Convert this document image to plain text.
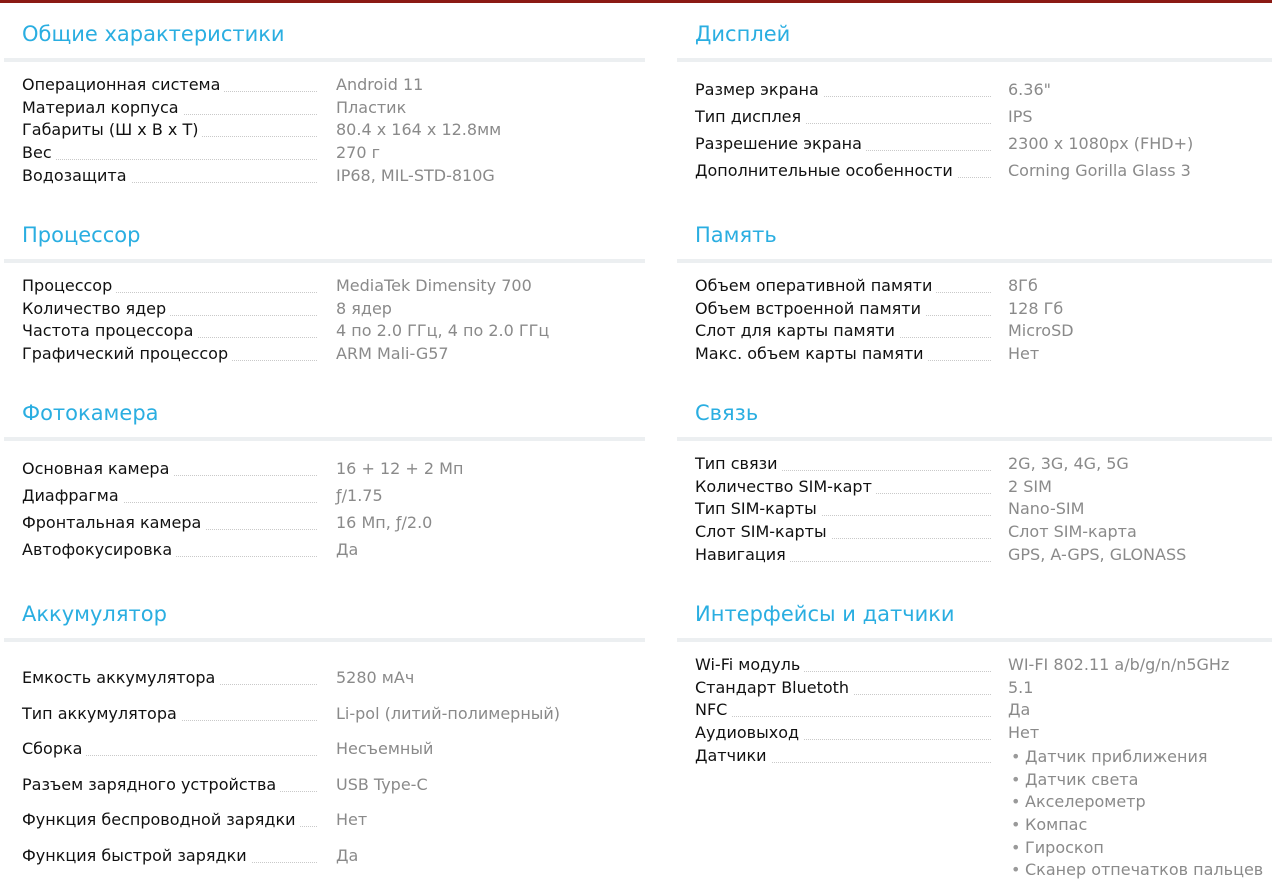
Общие характеристики
Операционная система	Android 11
Материал корпуса	Пластик
Габариты (Ш х В х Т)	80.4 x 164 x 12.8мм
Вес	270 г
Водозащита	IP68, MIL-STD-810G
Процессор
Процессор	MediaTek Dimensity 700
Количество ядер	8 ядер
Частота процессора	4 по 2.0 ГГц, 4 по 2.0 ГГц
Графический процессор	ARM Mali-G57
Фотокамера
Основная камера	16 + 12 + 2 Мп
Диафрагма	ƒ/1.75
Фронтальная камера	16 Мп, ƒ/2.0
Автофокусировка	Да
Аккумулятор
Емкость аккумулятора	5280 мАч
Тип аккумулятора	Li-pol (литий-полимерный)
Сборка	Несъемный
Разъем зарядного устройства	USB Type-C
Функция беспроводной зарядки	Нет
Функция быстрой зарядки	Да
Дисплей
Размер экрана	6.36"
Тип дисплея	IPS
Разрешение экрана	2300 x 1080px (FHD+)
Дополнительные особенности	Corning Gorilla Glass 3
Память
Объем оперативной памяти	8Гб
Объем встроенной памяти	128 Гб
Слот для карты памяти	MicroSD
Макс. объем карты памяти	Нет
Связь
Тип связи	2G, 3G, 4G, 5G
Количество SIM-карт	2 SIM
Тип SIM-карты	Nano-SIM
Слот SIM-карты	Слот SIM-карта
Навигация	GPS, A-GPS, GLONASS
Интерфейсы и датчики
Wi-Fi модуль	WI-FI 802.11 a/b/g/n/n5GHz
Стандарт Bluetoth	5.1
NFC	Да
Аудиовыход	Нет
Датчики	• Датчик приближения
• Датчик света
• Акселерометр
• Компас
• Гироскоп
• Сканер отпечатков пальцев
